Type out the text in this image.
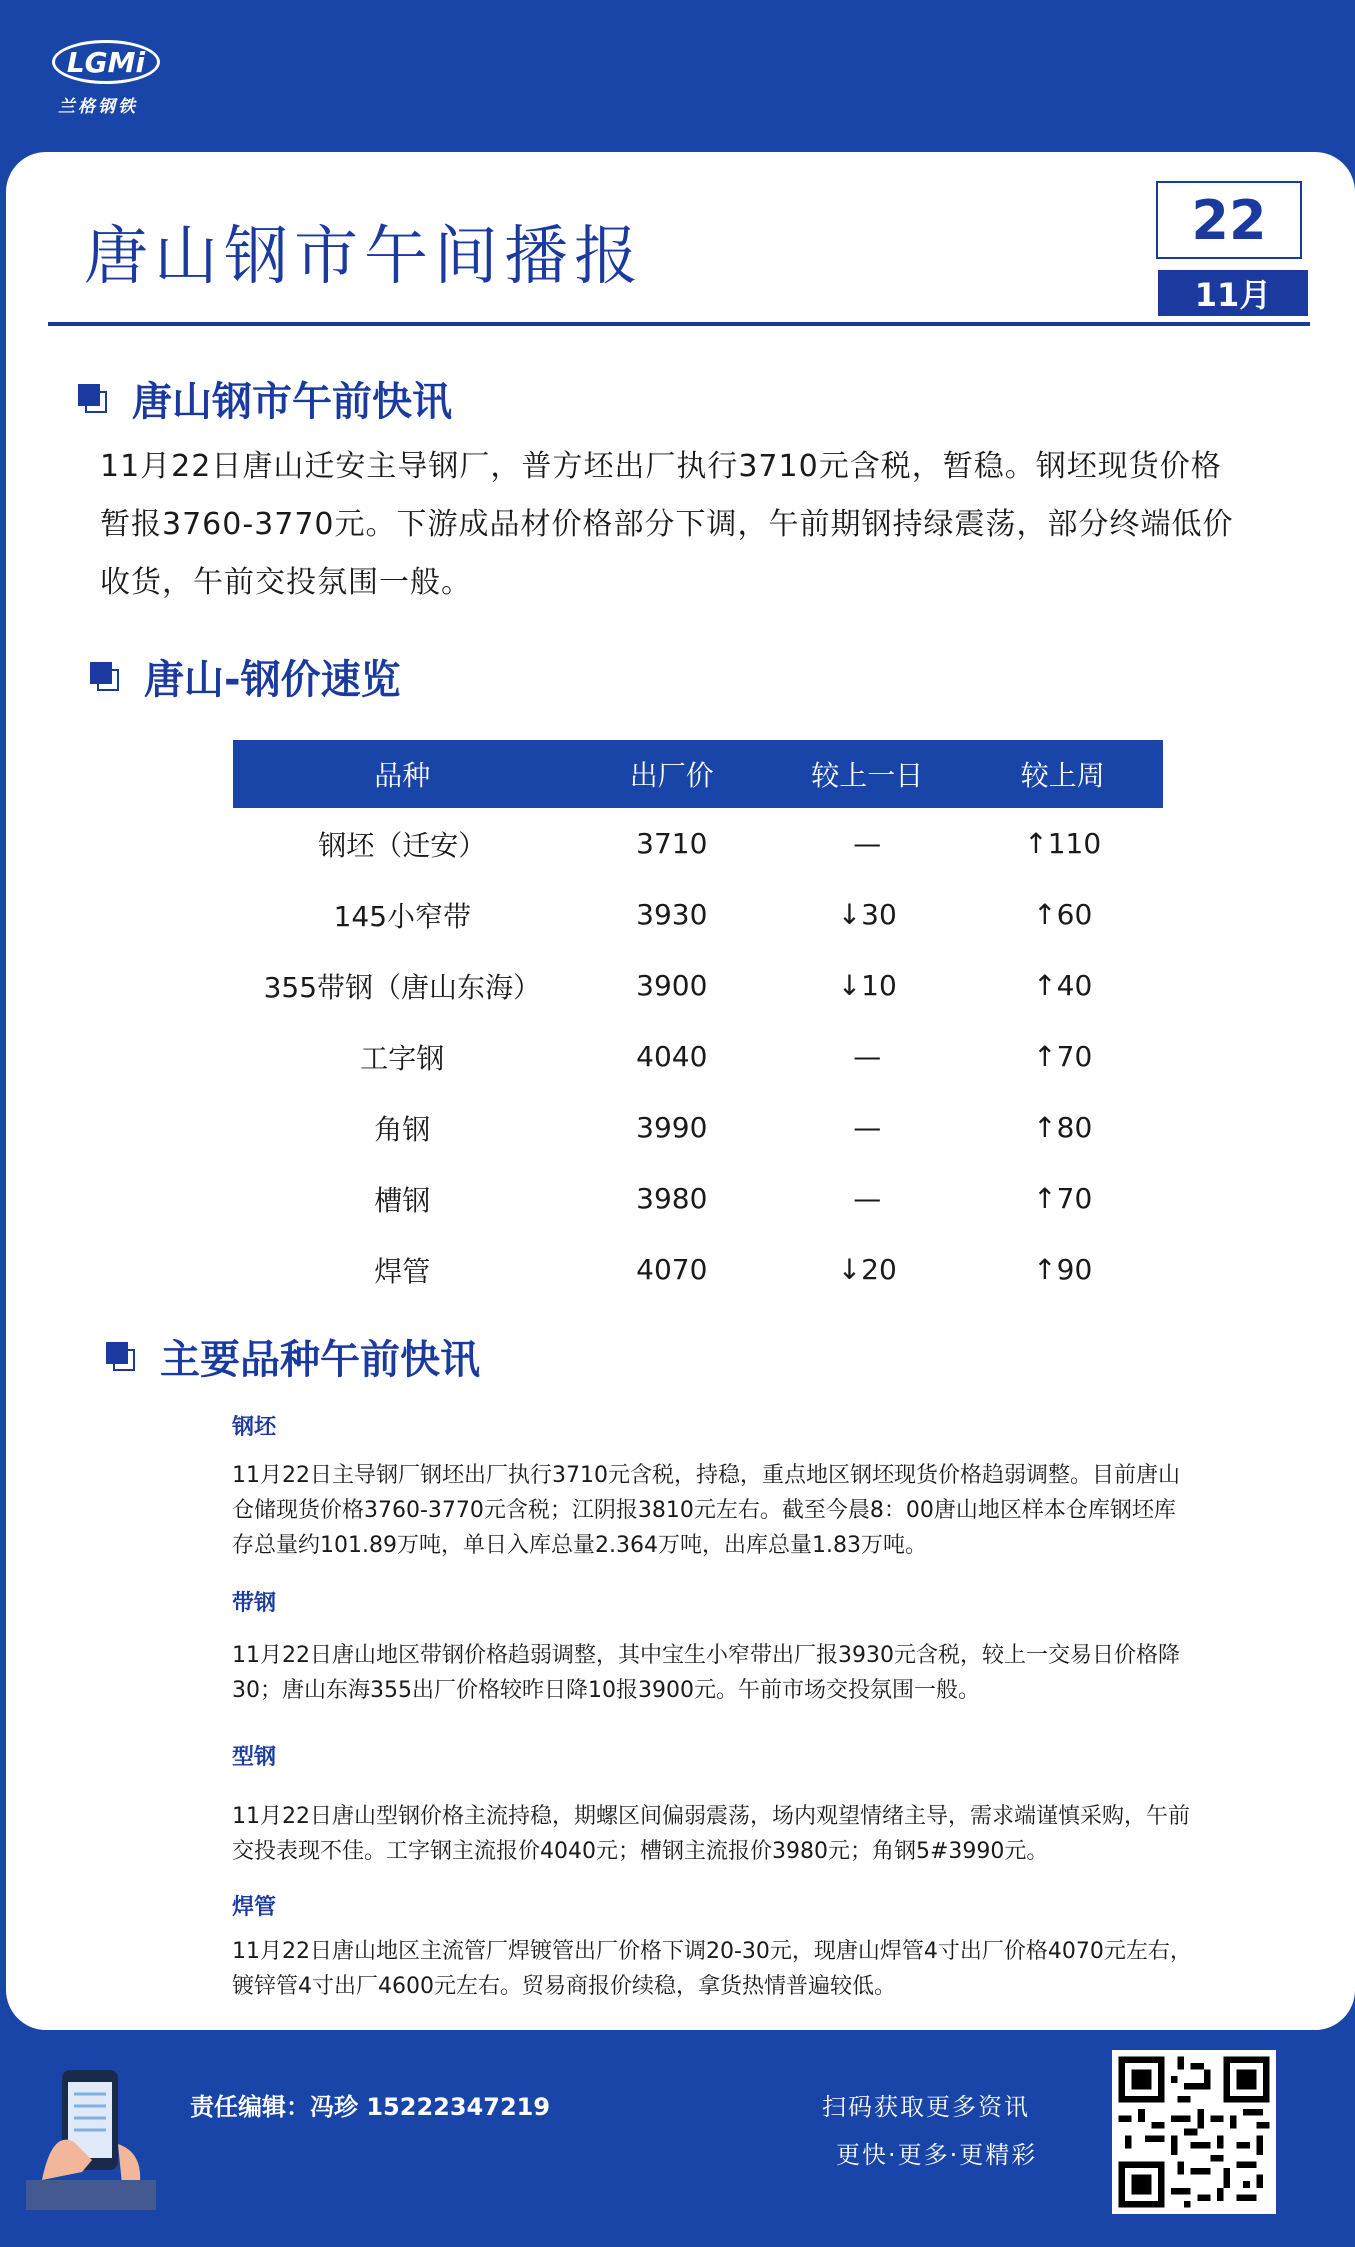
LGMi
兰格钢铁
唐山钢市午间播报	22
11月
唐山钢市午前快讯
11月22日唐山迁安主导钢厂，普方坯出厂执行3710元含税，暂稳。钢坯现货价格暂报3760-3770元。下游成品材价格部分下调，午前期钢持绿震荡，部分终端低价收货，午前交投氛围一般。
唐山-钢价速览
品种	出厂价	较上一日	较上周
钢坯（迁安）	3710	—	↑110
145小窄带	3930	↓30	↑60
355带钢（唐山东海）	3900	↓10	↑40
工字钢	4040	—	↑70
角钢	3990	—	↑80
槽钢	3980	—	↑70
焊管	4070	↓20	↑90
主要品种午前快讯
钢坯
11月22日主导钢厂钢坯出厂执行3710元含税，持稳，重点地区钢坯现货价格趋弱调整。目前唐山仓储现货价格3760-3770元含税；江阴报3810元左右。截至今晨8：00唐山地区样本仓库钢坯库存总量约101.89万吨，单日入库总量2.364万吨，出库总量1.83万吨。
带钢
11月22日唐山地区带钢价格趋弱调整，其中宝生小窄带出厂报3930元含税，较上一交易日价格降30；唐山东海355出厂价格较昨日降10报3900元。午前市场交投氛围一般。
型钢
11月22日唐山型钢价格主流持稳，期螺区间偏弱震荡，场内观望情绪主导，需求端谨慎采购，午前交投表现不佳。工字钢主流报价4040元；槽钢主流报价3980元；角钢5#3990元。
焊管
11月22日唐山地区主流管厂焊镀管出厂价格下调20-30元，现唐山焊管4寸出厂价格4070元左右，镀锌管4寸出厂4600元左右。贸易商报价续稳，拿货热情普遍较低。
责任编辑：冯珍 15222347219	扫码获取更多资讯
更快·更多·更精彩
